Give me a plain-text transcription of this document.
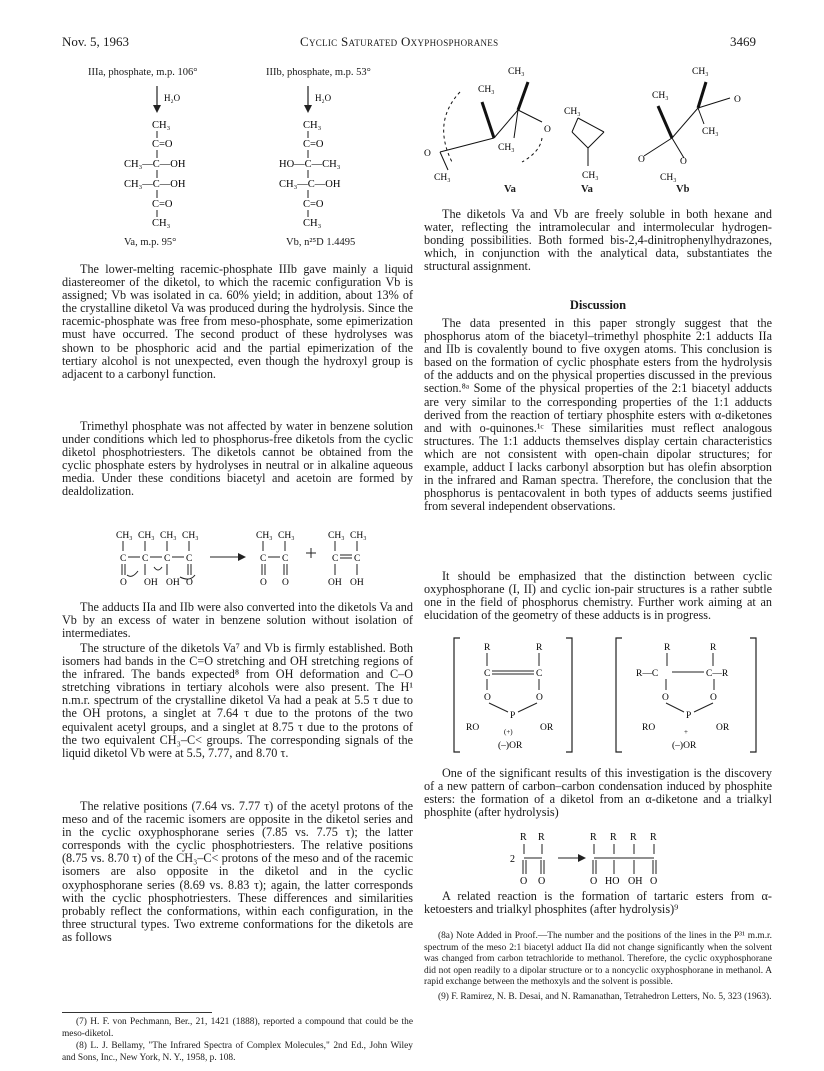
Nov. 5, 1963	Cyclic Saturated Oxyphosphoranes	3469
IIIa, phosphate, m.p. 106°	IIIb, phosphate, m.p. 53°
H₂O	H₂O
CH₃
C=O
CH₃—C—OH
CH₃—C—OH
C=O
CH₃
CH₃
C=O
HO—C—CH₃
CH₃—C—OH
C=O
CH₃
Va, m.p. 95°	Vb, n²⁵D 1.4495

The lower-melting racemic-phosphate IIIb gave mainly a liquid diastereomer of the diketol, to which the racemic configuration Vb is assigned; Vb was isolated in ca. 60% yield; in addition, about 13% of the crystalline diketol Va was produced during the hydrolysis. Since the racemic-phosphate was free from meso-phosphate, some epimerization must have occurred. The second product of these hydrolyses was shown to be phosphoric acid and the partial epimerization of the tertiary alcohol is not unexpected, even though the hydroxyl group is adjacent to a carbonyl function.

Trimethyl phosphate was not affected by water in benzene solution under conditions which led to phosphorus-free diketols from the cyclic diketol phosphotriesters. The diketols cannot be obtained from the cyclic phosphate esters by hydrolyses in neutral or in alkaline aqueous media. Under these conditions biacetyl and acetoin are formed by dealdolization.

CH₃ CH₃ CH₃ CH₃
C C C C
O OH OH O
CH₃ CH₃
C C
O O
CH₃ CH₃
C C
OH OH

The adducts IIa and IIb were also converted into the diketols Va and Vb by an excess of water in benzene solution without isolation of intermediates.

The structure of the diketols Va⁷ and Vb is firmly established. Both isomers had bands in the C=O stretching and OH stretching regions of the infrared. The bands expected⁸ from OH deformation and C–O stretching vibrations in tertiary alcohols were also present. The H¹ n.m.r. spectrum of the crystalline diketol Va had a peak at 5.5 τ due to the OH protons, a singlet at 7.64 τ due to the protons of the two equivalent acetyl groups, and a singlet at 8.75 τ due to the protons of the two equivalent CH₃–C< groups. The corresponding signals of the liquid diketol Vb were at 5.5, 7.77, and 8.70 τ.

The relative positions (7.64 vs. 7.77 τ) of the acetyl protons of the meso and of the racemic isomers are opposite in the diketol series and in the cyclic oxyphosphorane series (7.85 vs. 7.75 τ); the latter corresponds with the cyclic phosphotriesters. The relative positions (8.75 vs. 8.70 τ) of the CH₃–C< protons of the meso and of the racemic isomers are also opposite in the diketol and in the cyclic oxyphosphorane series (8.69 vs. 8.83 τ); again, the latter corresponds with the cyclic phosphotriesters. These differences and similarities probably reflect the conformations, within each configuration, in the three structural types. Two extreme conformations for the diketols are as follows

(7) H. F. von Pechmann, Ber., 21, 1421 (1888), reported a compound that could be the meso-diketol.

(8) L. J. Bellamy, "The Infrared Spectra of Complex Molecules," 2nd Ed., John Wiley and Sons, Inc., New York, N. Y., 1958, p. 108.

CH₃
CH₃
CH₃
CH₃
O
O
CH₃
CH₃
CH₃
CH₃
CH₃
CH₃
O
O
O
Va	Va	Vb

The diketols Va and Vb are freely soluble in both hexane and water, reflecting the intramolecular and intermolecular hydrogen-bonding possibilities. Both formed bis-2,4-dinitrophenylhydrazones, which, in conjunction with the analytical data, substantiates the structural assignment.

Discussion

The data presented in this paper strongly suggest that the phosphorus atom of the biacetyl–trimethyl phosphite 2:1 adducts IIa and IIb is covalently bound to five oxygen atoms. This conclusion is based on the formation of cyclic phosphate esters from the hydrolysis of the adducts and on the physical properties discussed in the previous section.⁸ᵃ Some of the physical properties of the 2:1 biacetyl adducts are very similar to the corresponding properties of the 1:1 adducts derived from the reaction of tertiary phosphite esters with α-diketones and with o-quinones.¹ᶜ These similarities must reflect analogous structures. The 1:1 adducts themselves display certain characteristics which are not consistent with open-chain dipolar structures; for example, adduct I lacks carbonyl absorption but has olefin absorption in the infrared and Raman spectra. Therefore, the conclusion that the phosphorus is pentacovalent in both types of adducts seems justified from several independent observations.

It should be emphasized that the distinction between cyclic oxyphosphorane (I, II) and cyclic ion-pair structures is a rather subtle one in the field of phosphorus chemistry. Further work aiming at an elucidation of the geometry of these adducts is in progress.

R	R
C	C
O	O
P
RO	OR
(+)
(–)OR
R	R
R—C	C—R
O	O
P
RO	OR
+
(–)OR

One of the significant results of this investigation is the discovery of a new pattern of carbon–carbon condensation induced by phosphite esters: the formation of a diketol from an α-diketone and a trialkyl phosphite (after hydrolysis)

2
R R
O O
R R R R
O HO OH O

A related reaction is the formation of tartaric esters from α-ketoesters and trialkyl phosphites (after hydrolysis)⁹

(8a) Note Added in Proof.—The number and the positions of the lines in the P³¹ m.m.r. spectrum of the meso 2:1 biacetyl adduct IIa did not change significantly when the solvent was changed from carbon tetrachloride to methanol. Therefore, the cyclic oxyphosphorane did not open readily to a dipolar structure or to a noncyclic oxyphosphorane in methanol. A rapid exchange between the methoxyls and the solvent is possible.

(9) F. Ramirez, N. B. Desai, and N. Ramanathan, Tetrahedron Letters, No. 5, 323 (1963).
